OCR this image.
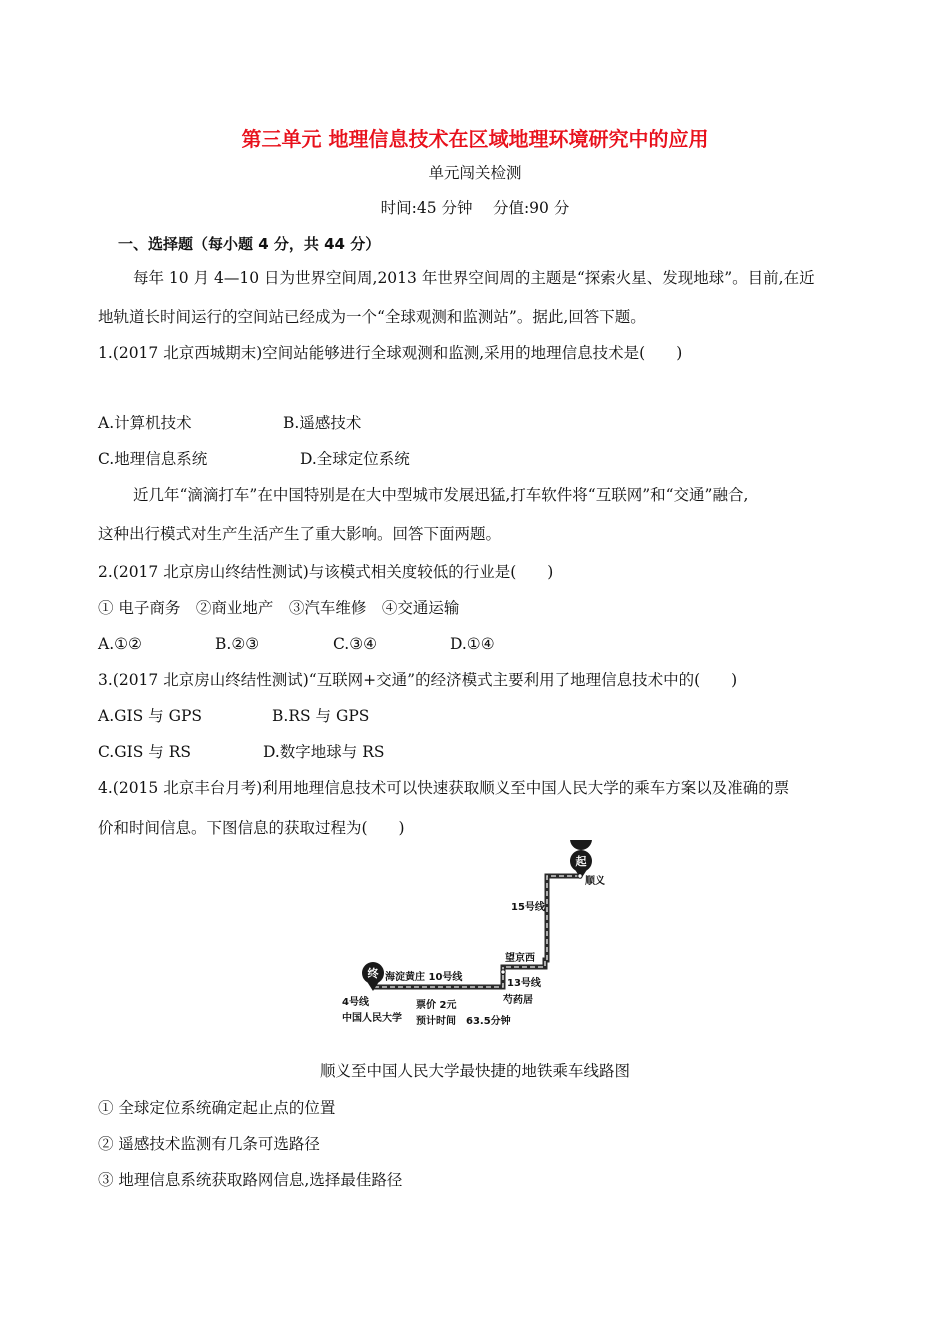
第三单元 地理信息技术在区域地理环境研究中的应用
单元闯关检测
时间:45 分钟　 分值:90 分
一、选择题（每小题 4 分，共 44 分）
每年 10 月 4—10 日为世界空间周,2013 年世界空间周的主题是“探索火星、发现地球”。目前,在近
地轨道长时间运行的空间站已经成为一个“全球观测和监测站”。据此,回答下题。
1.(2017 北京西城期末)空间站能够进行全球观测和监测,采用的地理信息技术是(　　)
A.计算机技术	B.遥感技术
C.地理信息系统	D.全球定位系统
近几年“滴滴打车”在中国特别是在大中型城市发展迅猛,打车软件将“互联网”和“交通”融合,
这种出行模式对生产生活产生了重大影响。回答下面两题。
2.(2017 北京房山终结性测试)与该模式相关度较低的行业是(　　)
① 电子商务　②商业地产　③汽车维修　④交通运输
A.①②	B.②③	C.③④	D.①④
3.(2017 北京房山终结性测试)“互联网+交通”的经济模式主要利用了地理信息技术中的(　　)
A.GIS 与 GPS	B.RS 与 GPS
C.GIS 与 RS	D.数字地球与 RS
4.(2015 北京丰台月考)利用地理信息技术可以快速获取顺义至中国人民大学的乘车方案以及准确的票
价和时间信息。下图信息的获取过程为(　　)
起
终
顺义
15号线
望京西
13号线
芍药居
海淀黄庄 10号线
4号线
中国人民大学
票价 2元
预计时间　63.5分钟
顺义至中国人民大学最快捷的地铁乘车线路图
① 全球定位系统确定起止点的位置
② 遥感技术监测有几条可选路径
③ 地理信息系统获取路网信息,选择最佳路径
